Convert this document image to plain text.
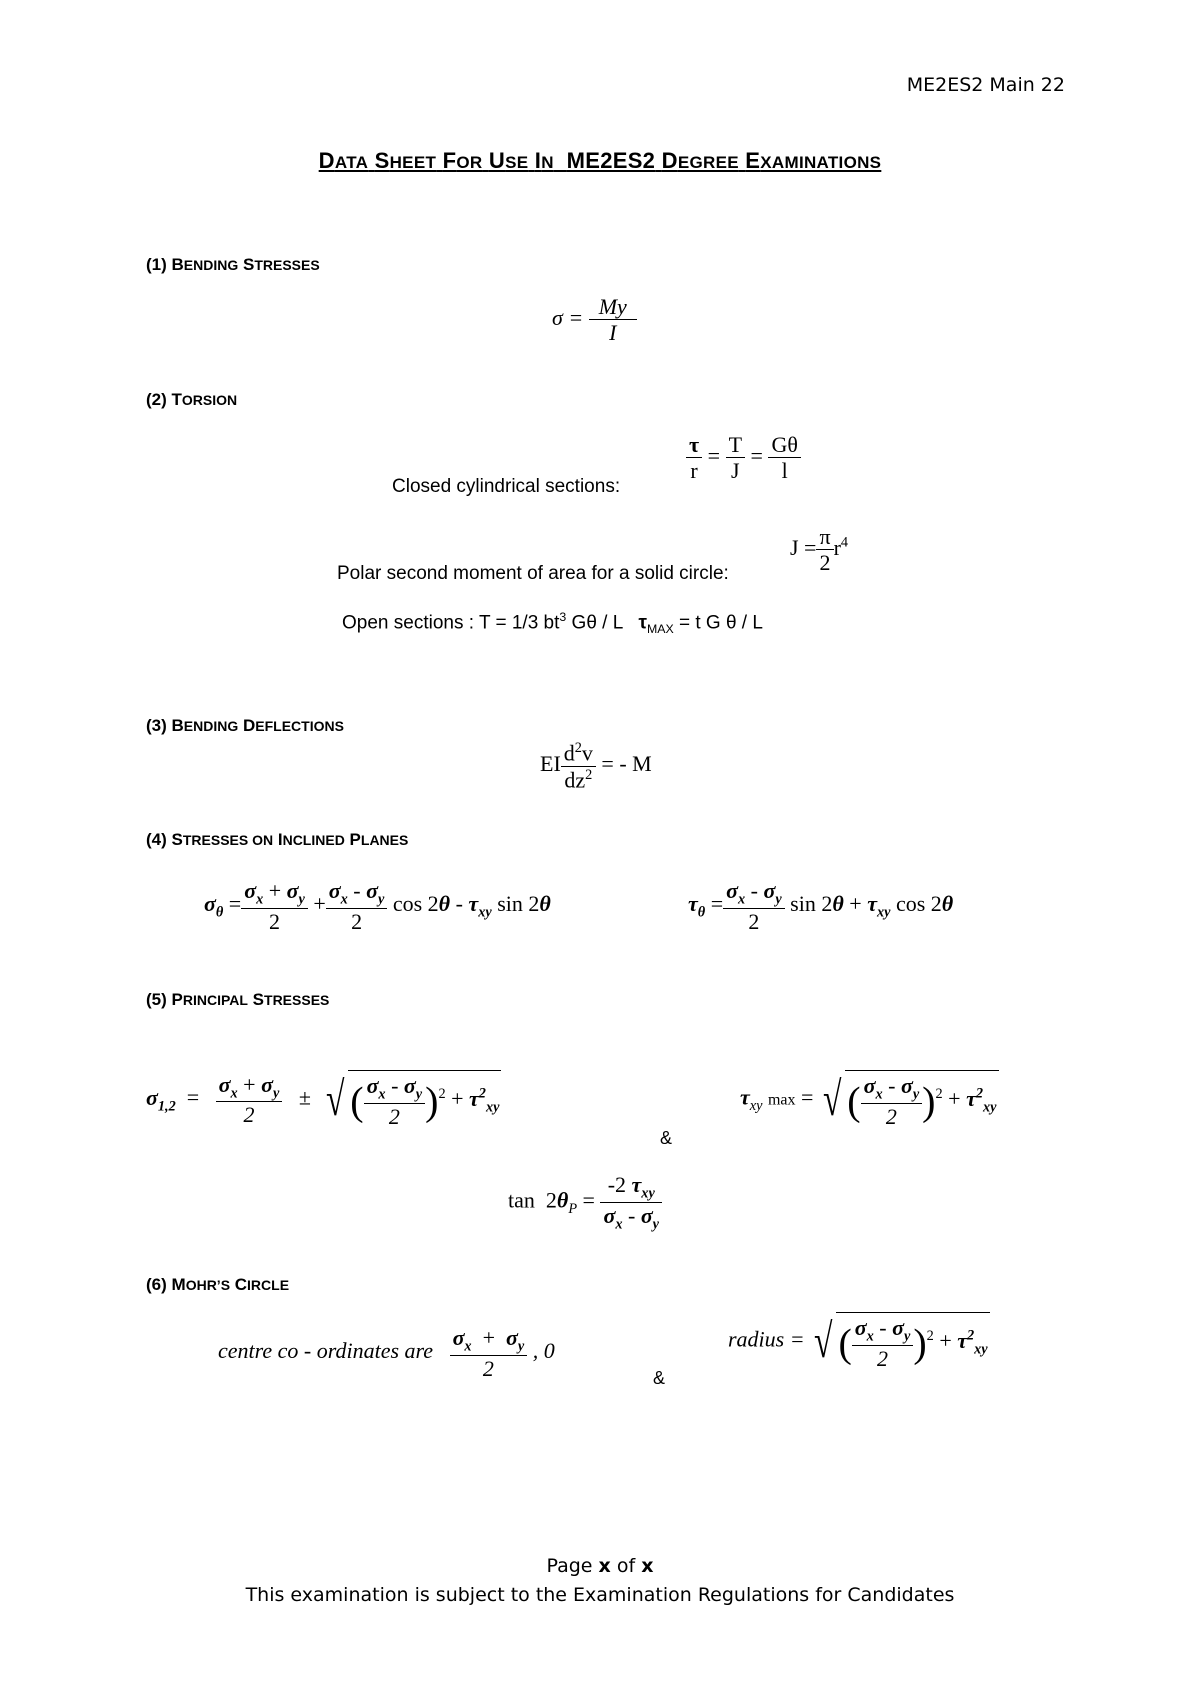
ME2ES2 Main 22
DATA SHEET FOR USE IN ME2ES2 DEGREE EXAMINATIONS
(1) BENDING STRESSES
$\sigma = \frac{My}{I}$
(2) TORSION
Closed cylindrical sections:
$\frac{\tau}{r} = \frac{T}{J} = \frac{G\theta}{l}$
Polar second moment of area for a solid circle:
$J = \frac{\pi}{2} r^4$
Open sections : T = 1/3 $bt^3$ Gθ / L $\tau_{MAX} = t$ G θ / L
(3) BENDING DEFLECTIONS
EI $\frac{d^2v}{dz^2}$ = - M
(4) STRESSES ON INCLINED PLANES
$\sigma_\theta = \frac{\sigma_x + \sigma_y}{2} + \frac{\sigma_x - \sigma_y}{2}$ $\cos 2\theta - \tau_{xy}$ sin 2θ	$\tau_\theta = \frac{\sigma_x - \sigma_y}{2}$ $\sin 2\theta + \tau_{xy}$ cos 2θ
(5) PRINCIPAL STRESSES
$\sigma_{1,2} = \frac{\sigma_x + \sigma_y}{2}$ ±  √ ( $\frac{\sigma_x - \sigma_y}{2} )^2 + \tau^2_{xy}$	$\tau_{xy}$ max = √ ( $\frac{\sigma_x - \sigma_y}{2} )^2 + \tau^2_{xy}$
&
$\tan 2\theta_P = \frac{-2 \tau_{xy}}{\sigma_x - \sigma_y}$
(6) MOHR’S CIRCLE
centre co - ordinates are $\frac{\sigma_x + \sigma_y}{2}$ , 0
&
radius = √ ( $\frac{\sigma_x - \sigma_y}{2} )^2 + \tau^2_{xy}$
Page x of x
This examination is subject to the Examination Regulations for Candidates
